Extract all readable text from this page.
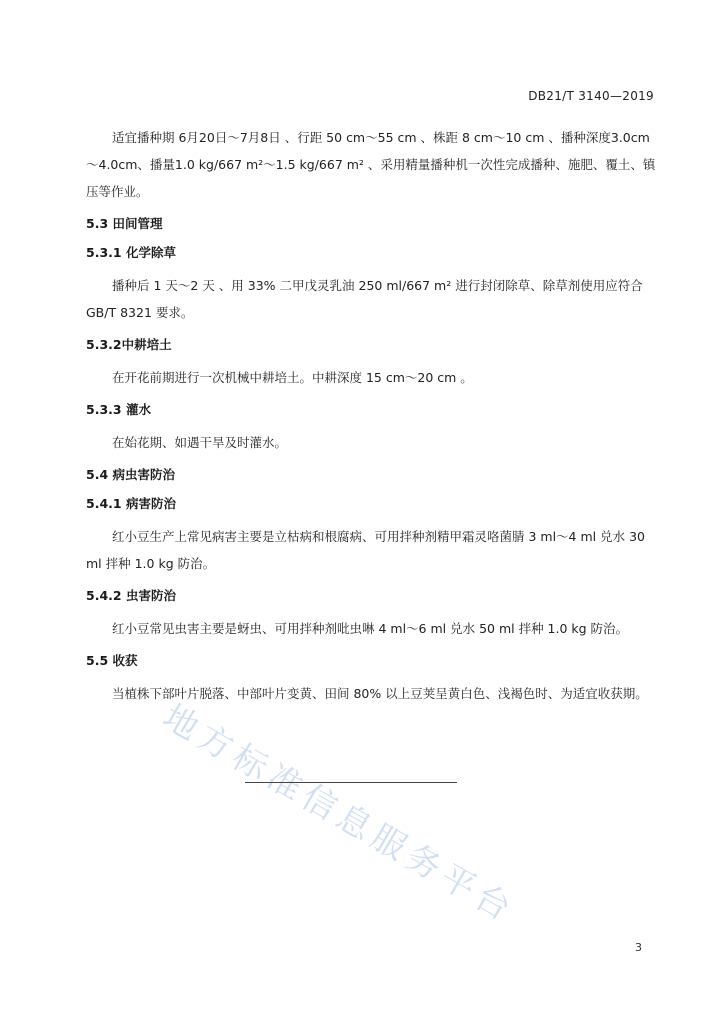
DB21/T 3140—2019

适宜播种期 6月20日～7月8日 、行距 50 cm～55 cm 、株距 8 cm～10 cm 、播种深度3.0cm～4.0cm、播量1.0 kg/667 m²～1.5 kg/667 m² 、采用精量播种机一次性完成播种、施肥、覆土、镇压等作业。

5.3 田间管理
5.3.1 化学除草

播种后 1 天～2 天 、用 33% 二甲戊灵乳油 250 ml/667 m² 进行封闭除草、除草剂使用应符合 GB/T 8321 要求。

5.3.2中耕培土

在开花前期进行一次机械中耕培土。中耕深度 15 cm～20 cm 。

5.3.3 灌水

在始花期、如遇干旱及时灌水。

5.4 病虫害防治
5.4.1 病害防治

红小豆生产上常见病害主要是立枯病和根腐病、可用拌种剂精甲霜灵咯菌腈 3 ml～4 ml 兑水 30 ml 拌种 1.0 kg 防治。

5.4.2 虫害防治

红小豆常见虫害主要是蚜虫、可用拌种剂吡虫啉 4 ml～6 ml 兑水 50 ml 拌种 1.0 kg 防治。

5.5 收获

当植株下部叶片脱落、中部叶片变黄、田间 80% 以上豆荚呈黄白色、浅褐色时、为适宜收获期。

地方标准信息服务平台
3
